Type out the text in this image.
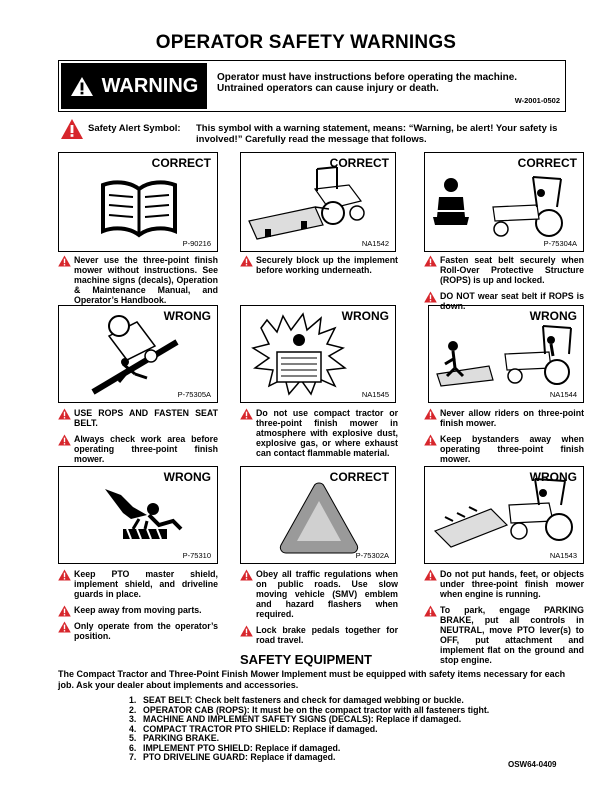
OPERATOR SAFETY WARNINGS
WARNING Operator must have instructions before operating the machine. Untrained operators can cause injury or death.
W-2001-0502
Safety Alert Symbol: This symbol with a warning statement, means: “Warning, be alert! Your safety is involved!” Carefully read the message that follows.
CORRECT
P-90216
CORRECT
NA1542
CORRECT
P-75304A
Never use the three-point finish mower without instructions. See machine signs (decals), Operation & Maintenance Manual, and Operator’s Handbook.
Securely block up the implement before working underneath.
Fasten seat belt securely when Roll-Over Protective Structure (ROPS) is up and locked.
DO NOT wear seat belt if ROPS is down.
WRONG
P-75305A
WRONG
NA1545
WRONG
NA1544
USE ROPS AND FASTEN SEAT BELT.
Always check work area before operating three-point finish mower.
Do not use compact tractor or three-point finish mower in atmosphere with explosive dust, explosive gas, or where exhaust can contact flammable material.
Never allow riders on three-point finish mower.
Keep bystanders away when operating three-point finish mower.
WRONG
P-75310
CORRECT
P-75302A
WRONG
NA1543
Keep PTO master shield, implement shield, and driveline guards in place.
Keep away from moving parts.
Only operate from the operator’s position.
Obey all traffic regulations when on public roads. Use slow moving vehicle (SMV) emblem and hazard flashers when required.
Lock brake pedals together for road travel.
Do not put hands, feet, or objects under three-point finish mower when engine is running.
To park, engage PARKING BRAKE, put all controls in NEUTRAL, move PTO lever(s) to OFF, put attachment and implement flat on the ground and stop engine.
SAFETY EQUIPMENT
The Compact Tractor and Three-Point Finish Mower Implement must be equipped with safety items necessary for each job. Ask your dealer about implements and accessories.
1. SEAT BELT: Check belt fasteners and check for damaged webbing or buckle.
2. OPERATOR CAB (ROPS): It must be on the compact tractor with all fasteners tight.
3. MACHINE AND IMPLEMENT SAFETY SIGNS (DECALS): Replace if damaged.
4. COMPACT TRACTOR PTO SHIELD: Replace if damaged.
5. PARKING BRAKE.
6. IMPLEMENT PTO SHIELD: Replace if damaged.
7. PTO DRIVELINE GUARD: Replace if damaged.
OSW64-0409
